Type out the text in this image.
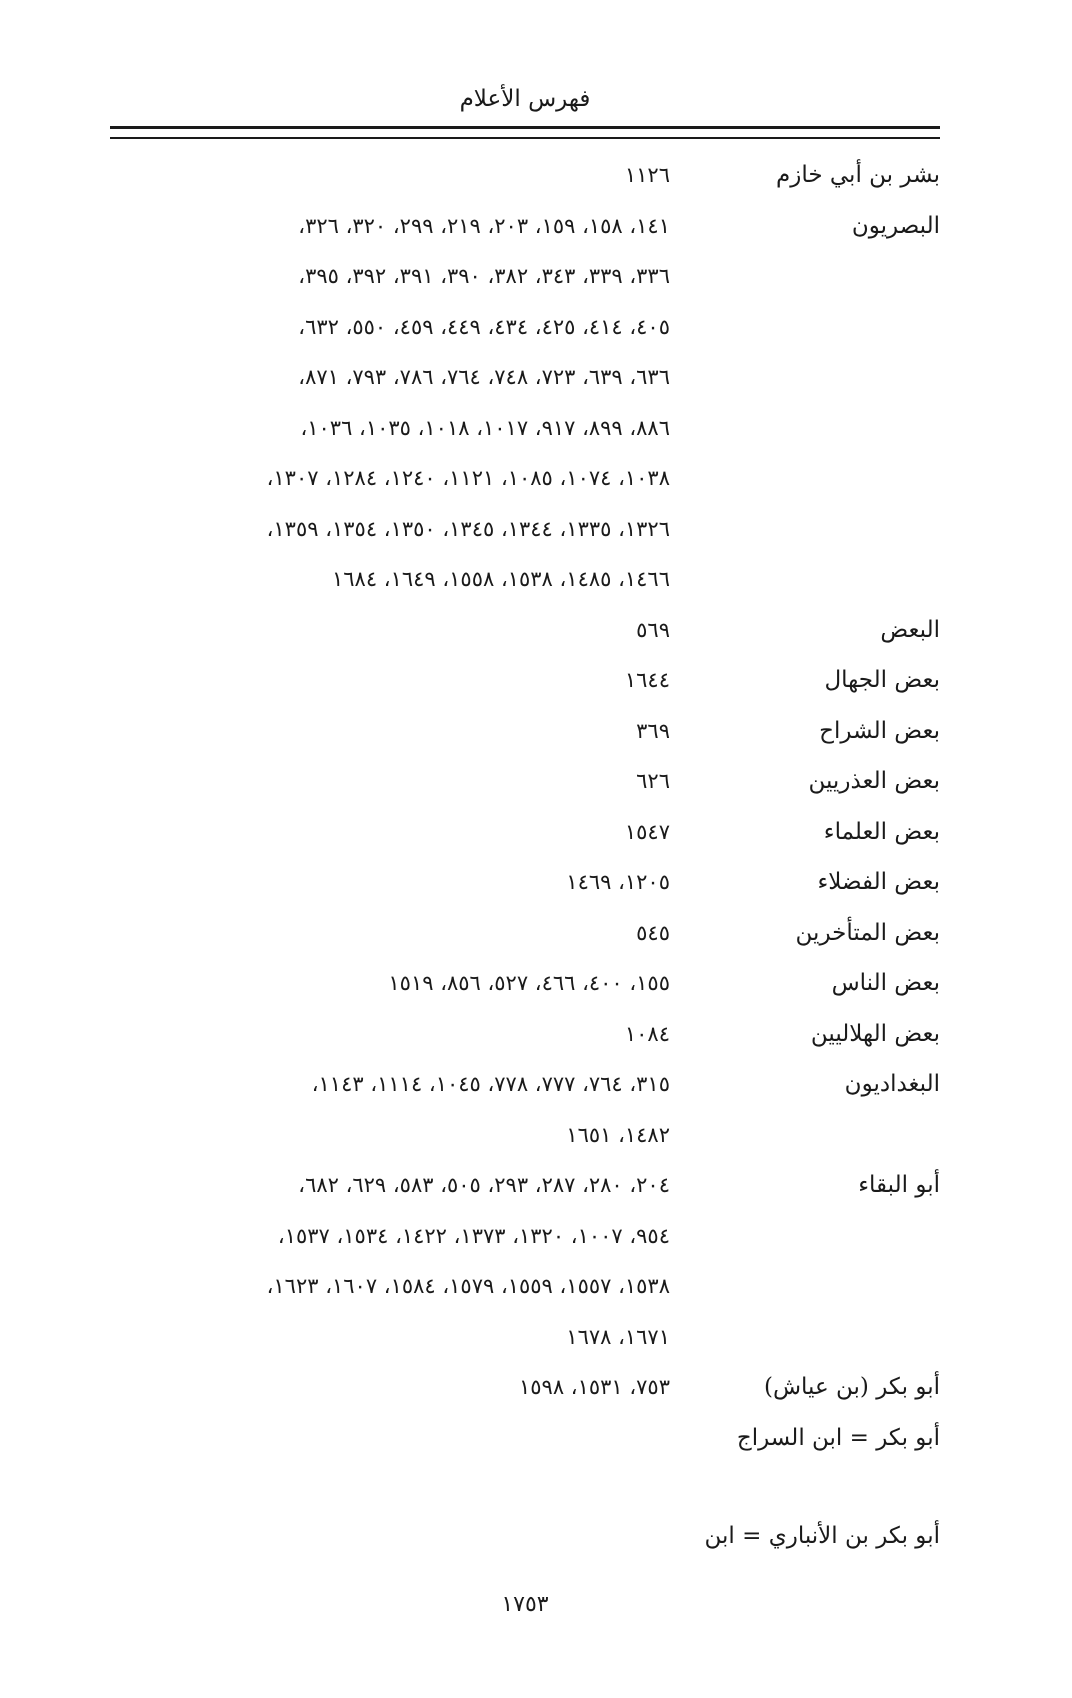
فهرس الأعلام
بشر بن أبي خازم
١١٢٦
البصريون
١٤١، ١٥٨، ١٥٩، ٢٠٣، ٢١٩، ٢٩٩، ٣٢٠، ٣٢٦،
٣٣٦، ٣٣٩، ٣٤٣، ٣٨٢، ٣٩٠، ٣٩١، ٣٩٢، ٣٩٥،
٤٠٥، ٤١٤، ٤٢٥، ٤٣٤، ٤٤٩، ٤٥٩، ٥٥٠، ٦٣٢،
٦٣٦، ٦٣٩، ٧٢٣، ٧٤٨، ٧٦٤، ٧٨٦، ٧٩٣، ٨٧١،
٨٨٦، ٨٩٩، ٩١٧، ١٠١٧، ١٠١٨، ١٠٣٥، ١٠٣٦،
١٠٣٨، ١٠٧٤، ١٠٨٥، ١١٢١، ١٢٤٠، ١٢٨٤، ١٣٠٧،
١٣٢٦، ١٣٣٥، ١٣٤٤، ١٣٤٥، ١٣٥٠، ١٣٥٤، ١٣٥٩،
١٤٦٦، ١٤٨٥، ١٥٣٨، ١٥٥٨، ١٦٤٩، ١٦٨٤
البعض
٥٦٩
بعض الجهال
١٦٤٤
بعض الشراح
٣٦٩
بعض العذريين
٦٢٦
بعض العلماء
١٥٤٧
بعض الفضلاء
١٢٠٥، ١٤٦٩
بعض المتأخرين
٥٤٥
بعض الناس
١٥٥، ٤٠٠، ٤٦٦، ٥٢٧، ٨٥٦، ١٥١٩
بعض الهلاليين
١٠٨٤
البغداديون
٣١٥، ٧٦٤، ٧٧٧، ٧٧٨، ١٠٤٥، ١١١٤، ١١٤٣،
١٤٨٢، ١٦٥١
أبو البقاء
٢٠٤، ٢٨٠، ٢٨٧، ٢٩٣، ٥٠٥، ٥٨٣، ٦٢٩، ٦٨٢،
٩٥٤، ١٠٠٧، ١٣٢٠، ١٣٧٣، ١٤٢٢، ١٥٣٤، ١٥٣٧،
١٥٣٨، ١٥٥٧، ١٥٥٩، ١٥٧٩، ١٥٨٤، ١٦٠٧، ١٦٢٣،
١٦٧١، ١٦٧٨
أبو بكر (بن عياش)
٧٥٣، ١٥٣١، ١٥٩٨
أبو بكر = ابن السراج

أبو بكر بن الأنباري = ابن

١٧٥٣
